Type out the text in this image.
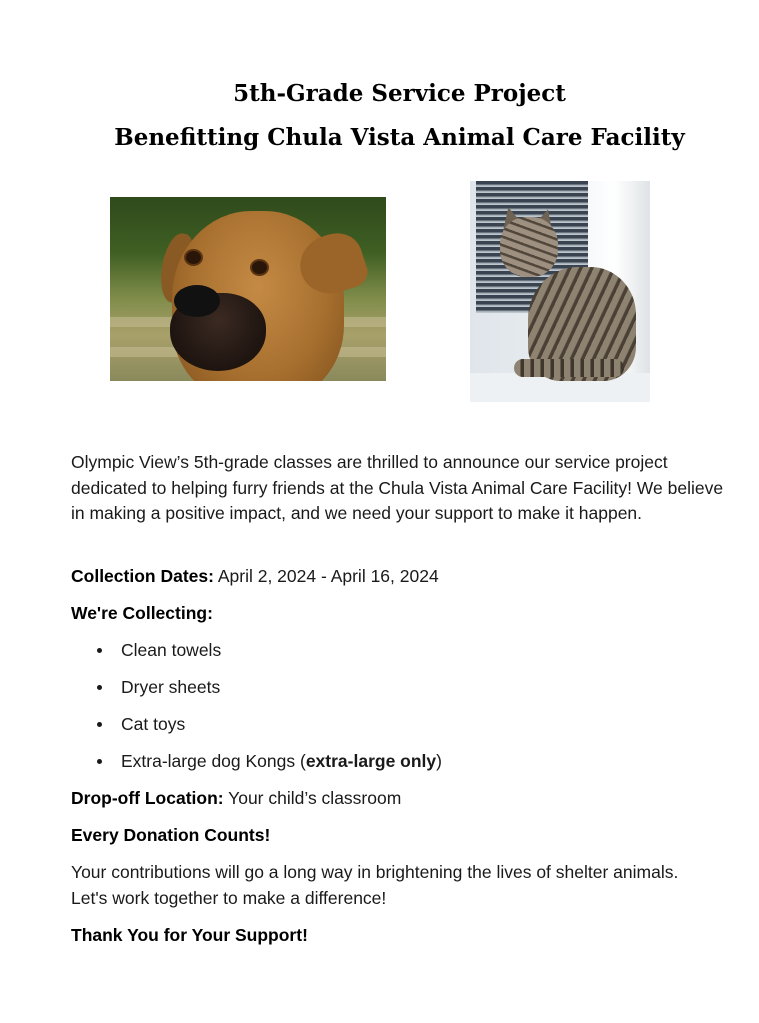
5th-Grade Service Project
Benefitting Chula Vista Animal Care Facility

Olympic View’s 5th-grade classes are thrilled to announce our service project dedicated to helping furry friends at the Chula Vista Animal Care Facility! We believe in making a positive impact, and we need your support to make it happen.

Collection Dates: April 2, 2024 - April 16, 2024

We're Collecting:

Clean towels
Dryer sheets
Cat toys
Extra-large dog Kongs (extra-large only)

Drop-off Location: Your child’s classroom

Every Donation Counts!

Your contributions will go a long way in brightening the lives of shelter animals. Let's work together to make a difference!

Thank You for Your Support!
